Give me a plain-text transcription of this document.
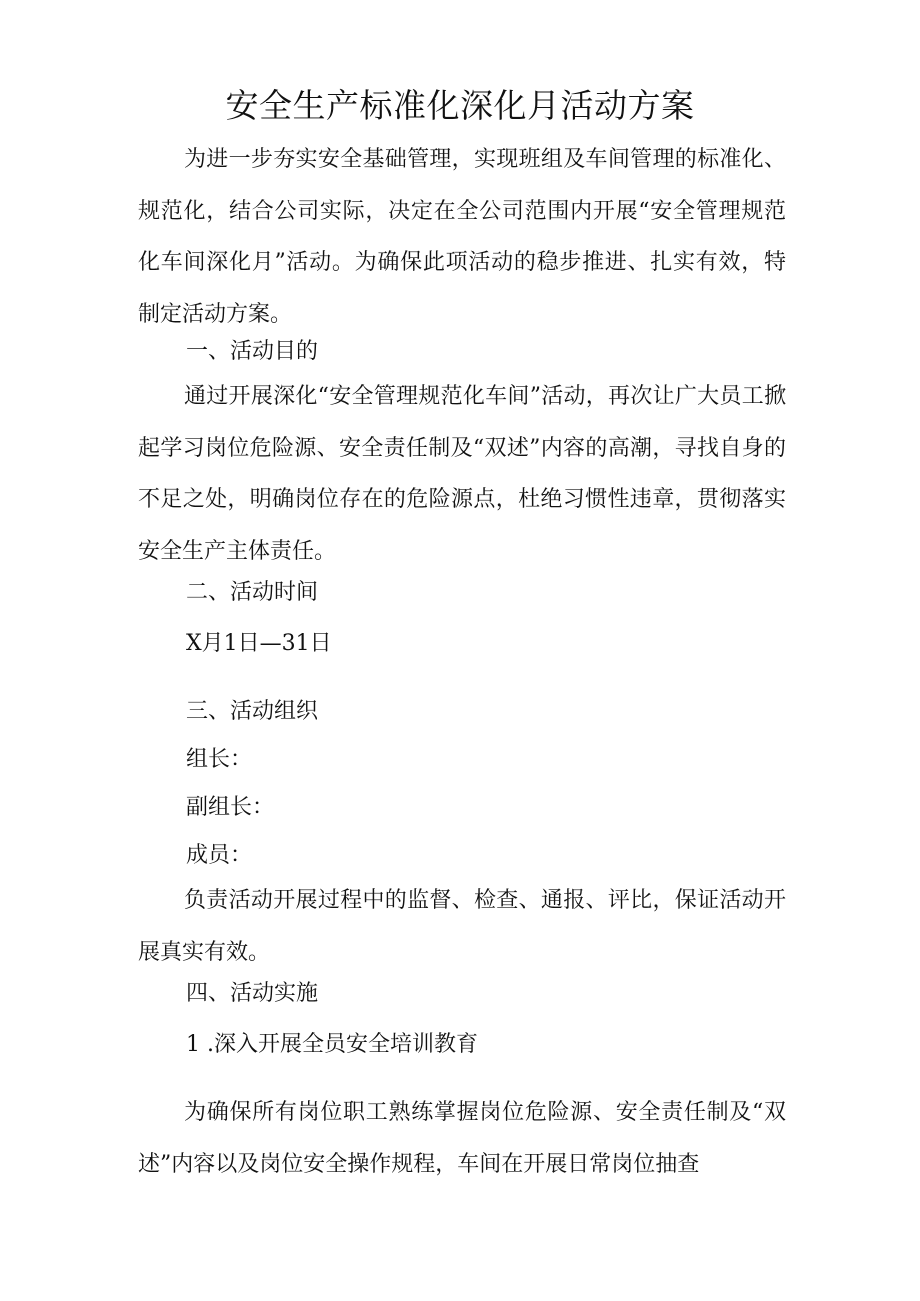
安全生产标准化深化月活动方案

为进一步夯实安全基础管理，实现班组及车间管理的标准化、规范化，结合公司实际，决定在全公司范围内开展“安全管理规范化车间深化月”活动。为确保此项活动的稳步推进、扎实有效，特制定活动方案。

一、活动目的

通过开展深化“安全管理规范化车间”活动，再次让广大员工掀起学习岗位危险源、安全责任制及“双述”内容的高潮，寻找自身的不足之处，明确岗位存在的危险源点，杜绝习惯性违章，贯彻落实安全生产主体责任。

二、活动时间

X月1日—31日

三、活动组织

组长：

副组长：

成员：

负责活动开展过程中的监督、检查、通报、评比，保证活动开展真实有效。

四、活动实施

1 .深入开展全员安全培训教育

为确保所有岗位职工熟练掌握岗位危险源、安全责任制及“双述”内容以及岗位安全操作规程，车间在开展日常岗位抽查
